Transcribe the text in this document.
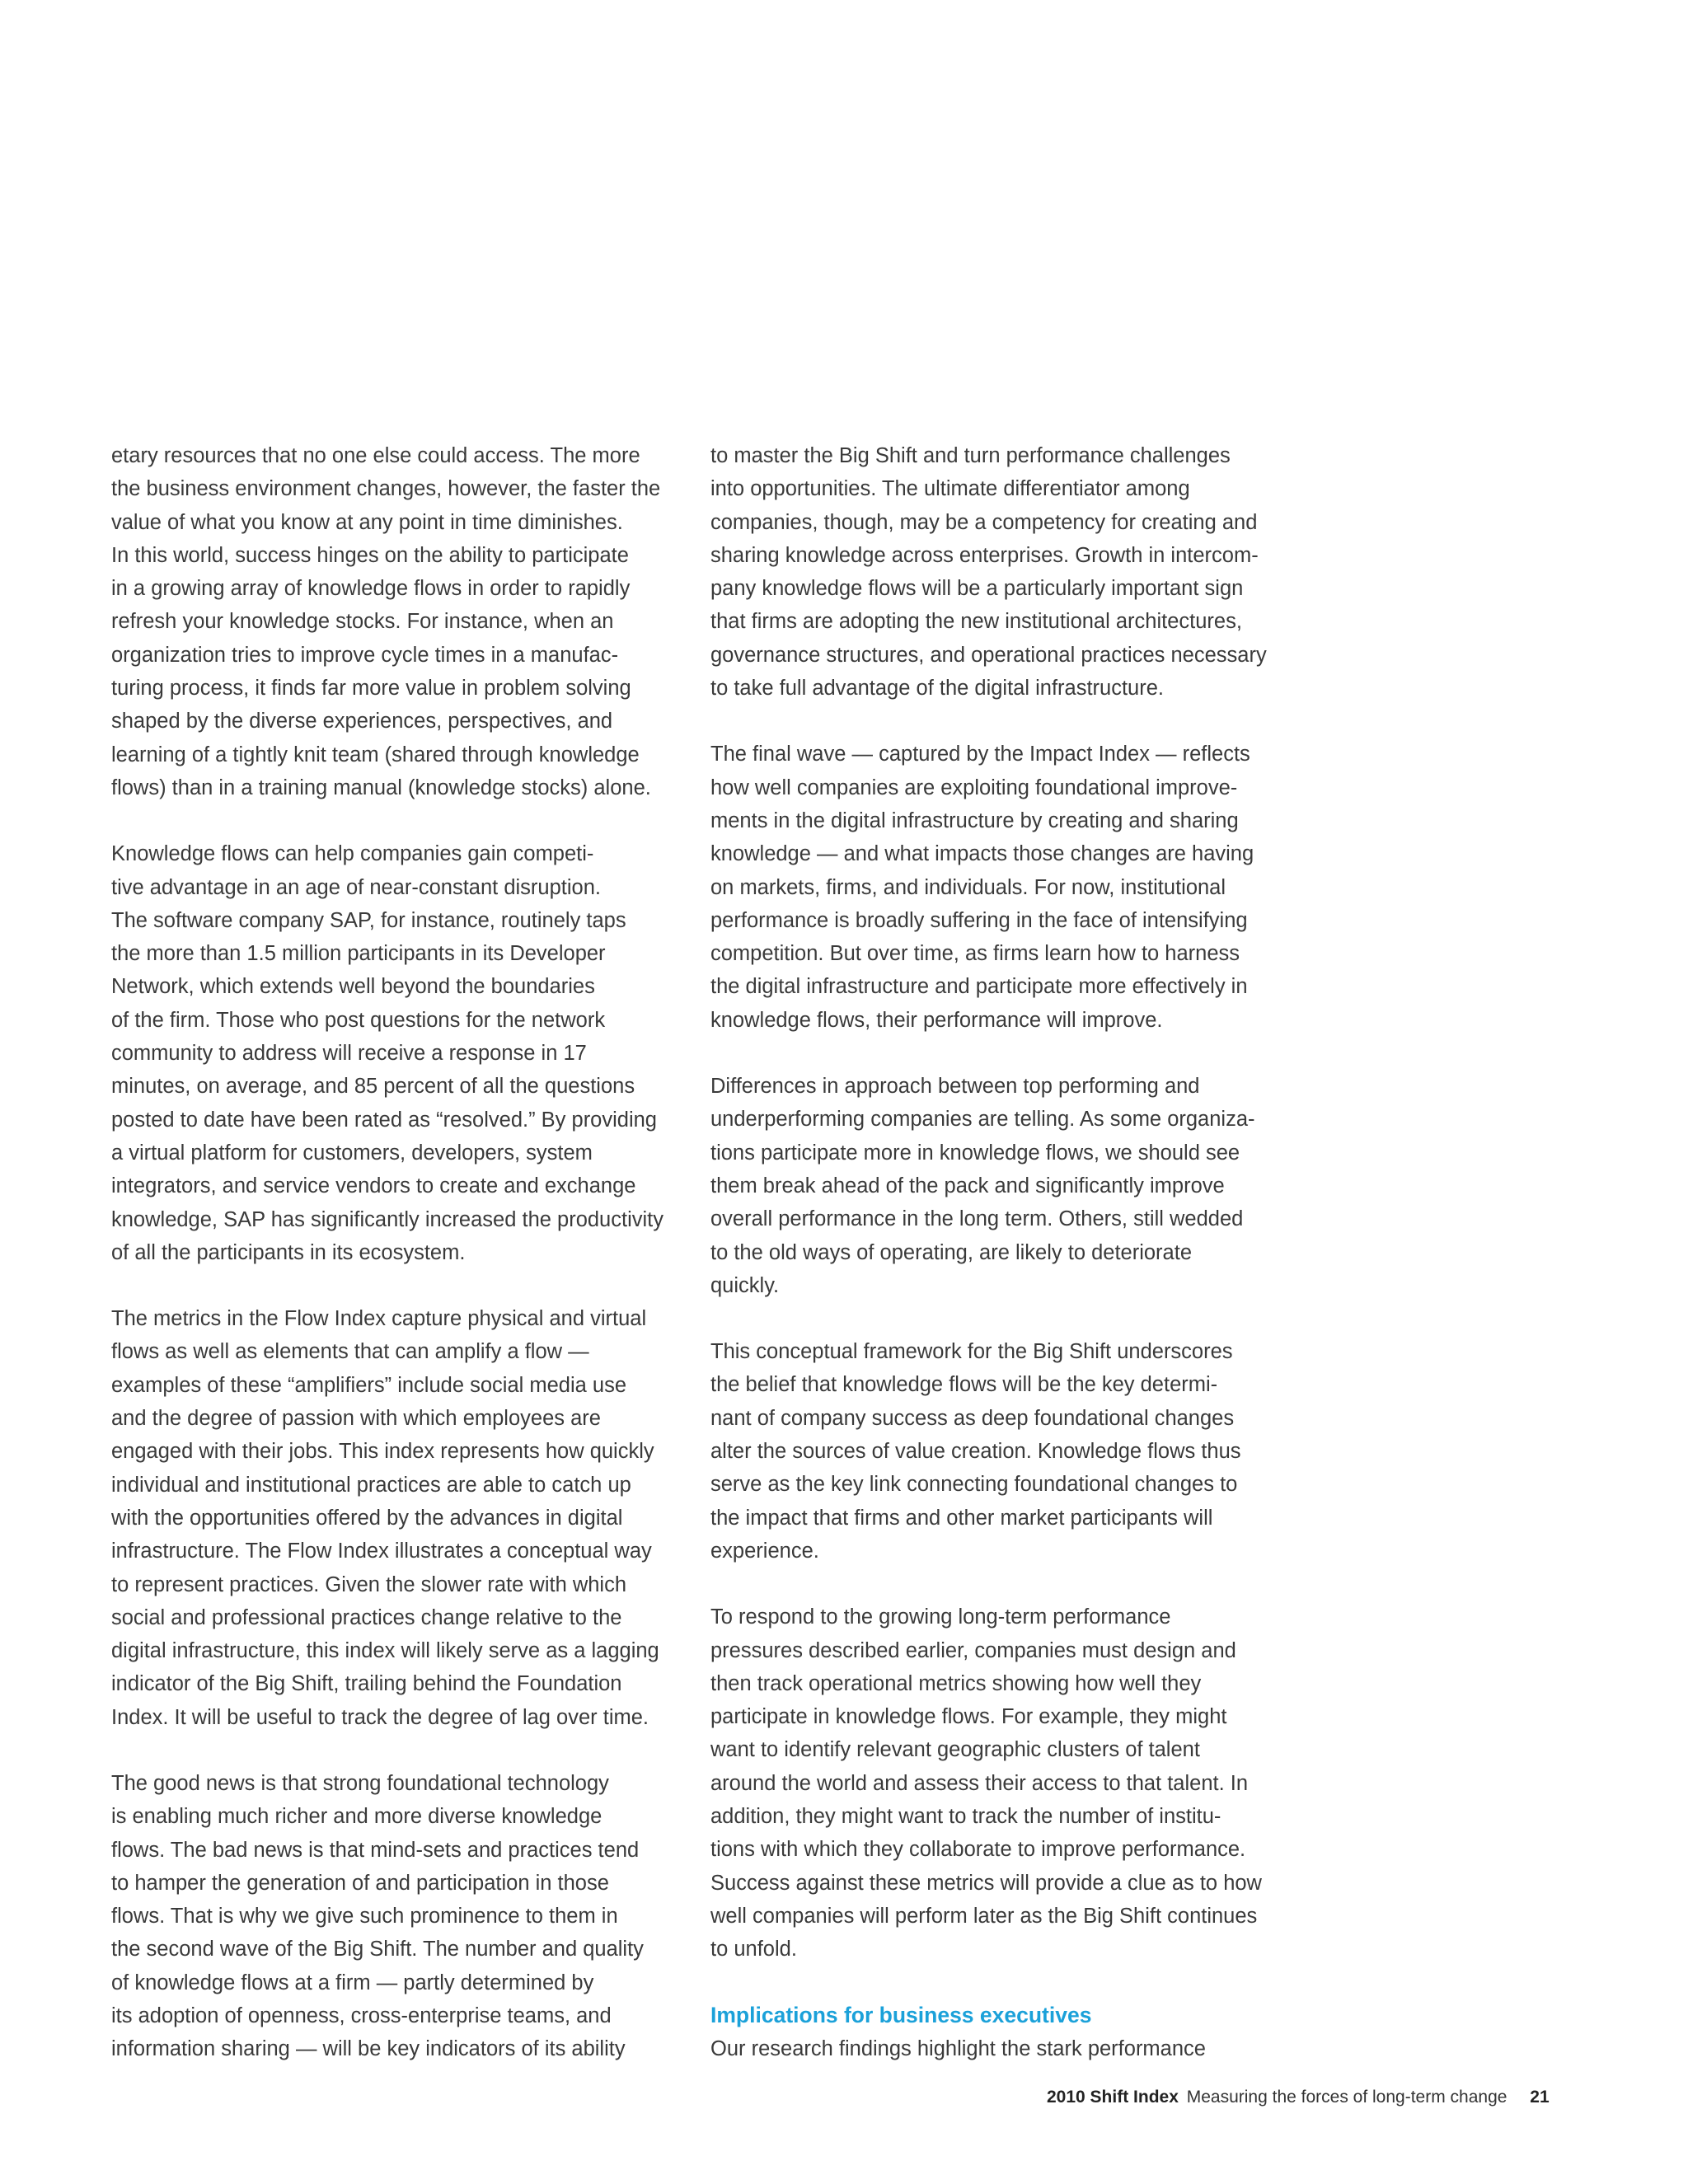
etary resources that no one else could access. The more
the business environment changes, however, the faster the
value of what you know at any point in time diminishes.
In this world, success hinges on the ability to participate
in a growing array of knowledge flows in order to rapidly
refresh your knowledge stocks. For instance, when an
organization tries to improve cycle times in a manufac-
turing process, it finds far more value in problem solving
shaped by the diverse experiences, perspectives, and
learning of a tightly knit team (shared through knowledge
flows) than in a training manual (knowledge stocks) alone.

Knowledge flows can help companies gain competi-
tive advantage in an age of near-constant disruption.
The software company SAP, for instance, routinely taps
the more than 1.5 million participants in its Developer
Network, which extends well beyond the boundaries
of the firm. Those who post questions for the network
community to address will receive a response in 17
minutes, on average, and 85 percent of all the questions
posted to date have been rated as “resolved.” By providing
a virtual platform for customers, developers, system
integrators, and service vendors to create and exchange
knowledge, SAP has significantly increased the productivity
of all the participants in its ecosystem.

The metrics in the Flow Index capture physical and virtual
flows as well as elements that can amplify a flow —
examples of these “amplifiers” include social media use
and the degree of passion with which employees are
engaged with their jobs. This index represents how quickly
individual and institutional practices are able to catch up
with the opportunities offered by the advances in digital
infrastructure. The Flow Index illustrates a conceptual way
to represent practices. Given the slower rate with which
social and professional practices change relative to the
digital infrastructure, this index will likely serve as a lagging
indicator of the Big Shift, trailing behind the Foundation
Index. It will be useful to track the degree of lag over time.

The good news is that strong foundational technology
is enabling much richer and more diverse knowledge
flows. The bad news is that mind-sets and practices tend
to hamper the generation of and participation in those
flows. That is why we give such prominence to them in
the second wave of the Big Shift. The number and quality
of knowledge flows at a firm — partly determined by
its adoption of openness, cross-enterprise teams, and
information sharing — will be key indicators of its ability

to master the Big Shift and turn performance challenges
into opportunities. The ultimate differentiator among
companies, though, may be a competency for creating and
sharing knowledge across enterprises. Growth in intercom-
pany knowledge flows will be a particularly important sign
that firms are adopting the new institutional architectures,
governance structures, and operational practices necessary
to take full advantage of the digital infrastructure.

The final wave — captured by the Impact Index — reflects
how well companies are exploiting foundational improve-
ments in the digital infrastructure by creating and sharing
knowledge — and what impacts those changes are having
on markets, firms, and individuals. For now, institutional
performance is broadly suffering in the face of intensifying
competition. But over time, as firms learn how to harness
the digital infrastructure and participate more effectively in
knowledge flows, their performance will improve.

Differences in approach between top performing and
underperforming companies are telling. As some organiza-
tions participate more in knowledge flows, we should see
them break ahead of the pack and significantly improve
overall performance in the long term. Others, still wedded
to the old ways of operating, are likely to deteriorate
quickly.

This conceptual framework for the Big Shift underscores
the belief that knowledge flows will be the key determi-
nant of company success as deep foundational changes
alter the sources of value creation. Knowledge flows thus
serve as the key link connecting foundational changes to
the impact that firms and other market participants will
experience.

To respond to the growing long-term performance
pressures described earlier, companies must design and
then track operational metrics showing how well they
participate in knowledge flows. For example, they might
want to identify relevant geographic clusters of talent
around the world and assess their access to that talent. In
addition, they might want to track the number of institu-
tions with which they collaborate to improve performance.
Success against these metrics will provide a clue as to how
well companies will perform later as the Big Shift continues
to unfold.

Implications for business executives

Our research findings highlight the stark performance

2010 Shift Index Measuring the forces of long-term change 21
